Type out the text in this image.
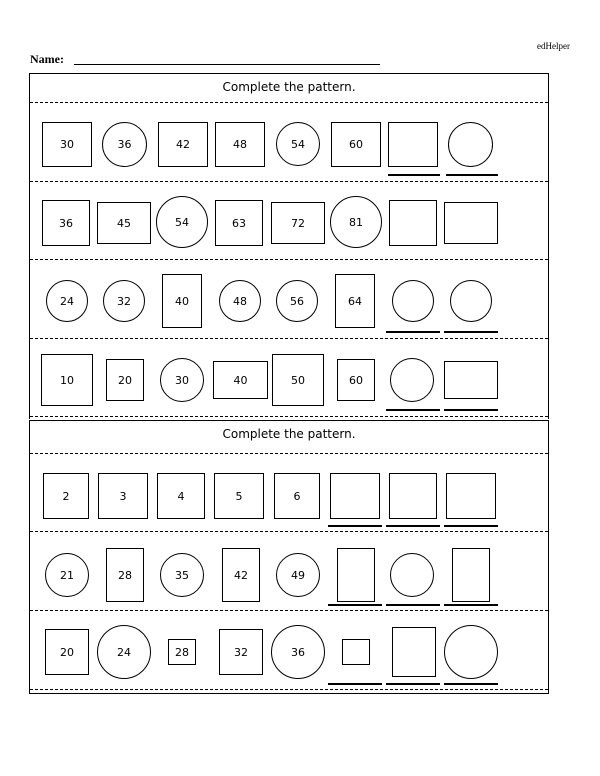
edHelper
Name:
Complete the pattern.
30	36	42	48	54	60
36	45	54	63	72	81
24	32	40	48	56	64
10	20	30	40	50	60
Complete the pattern.
2	3	4	5	6
21	28	35	42	49
20	24	28	32	36
